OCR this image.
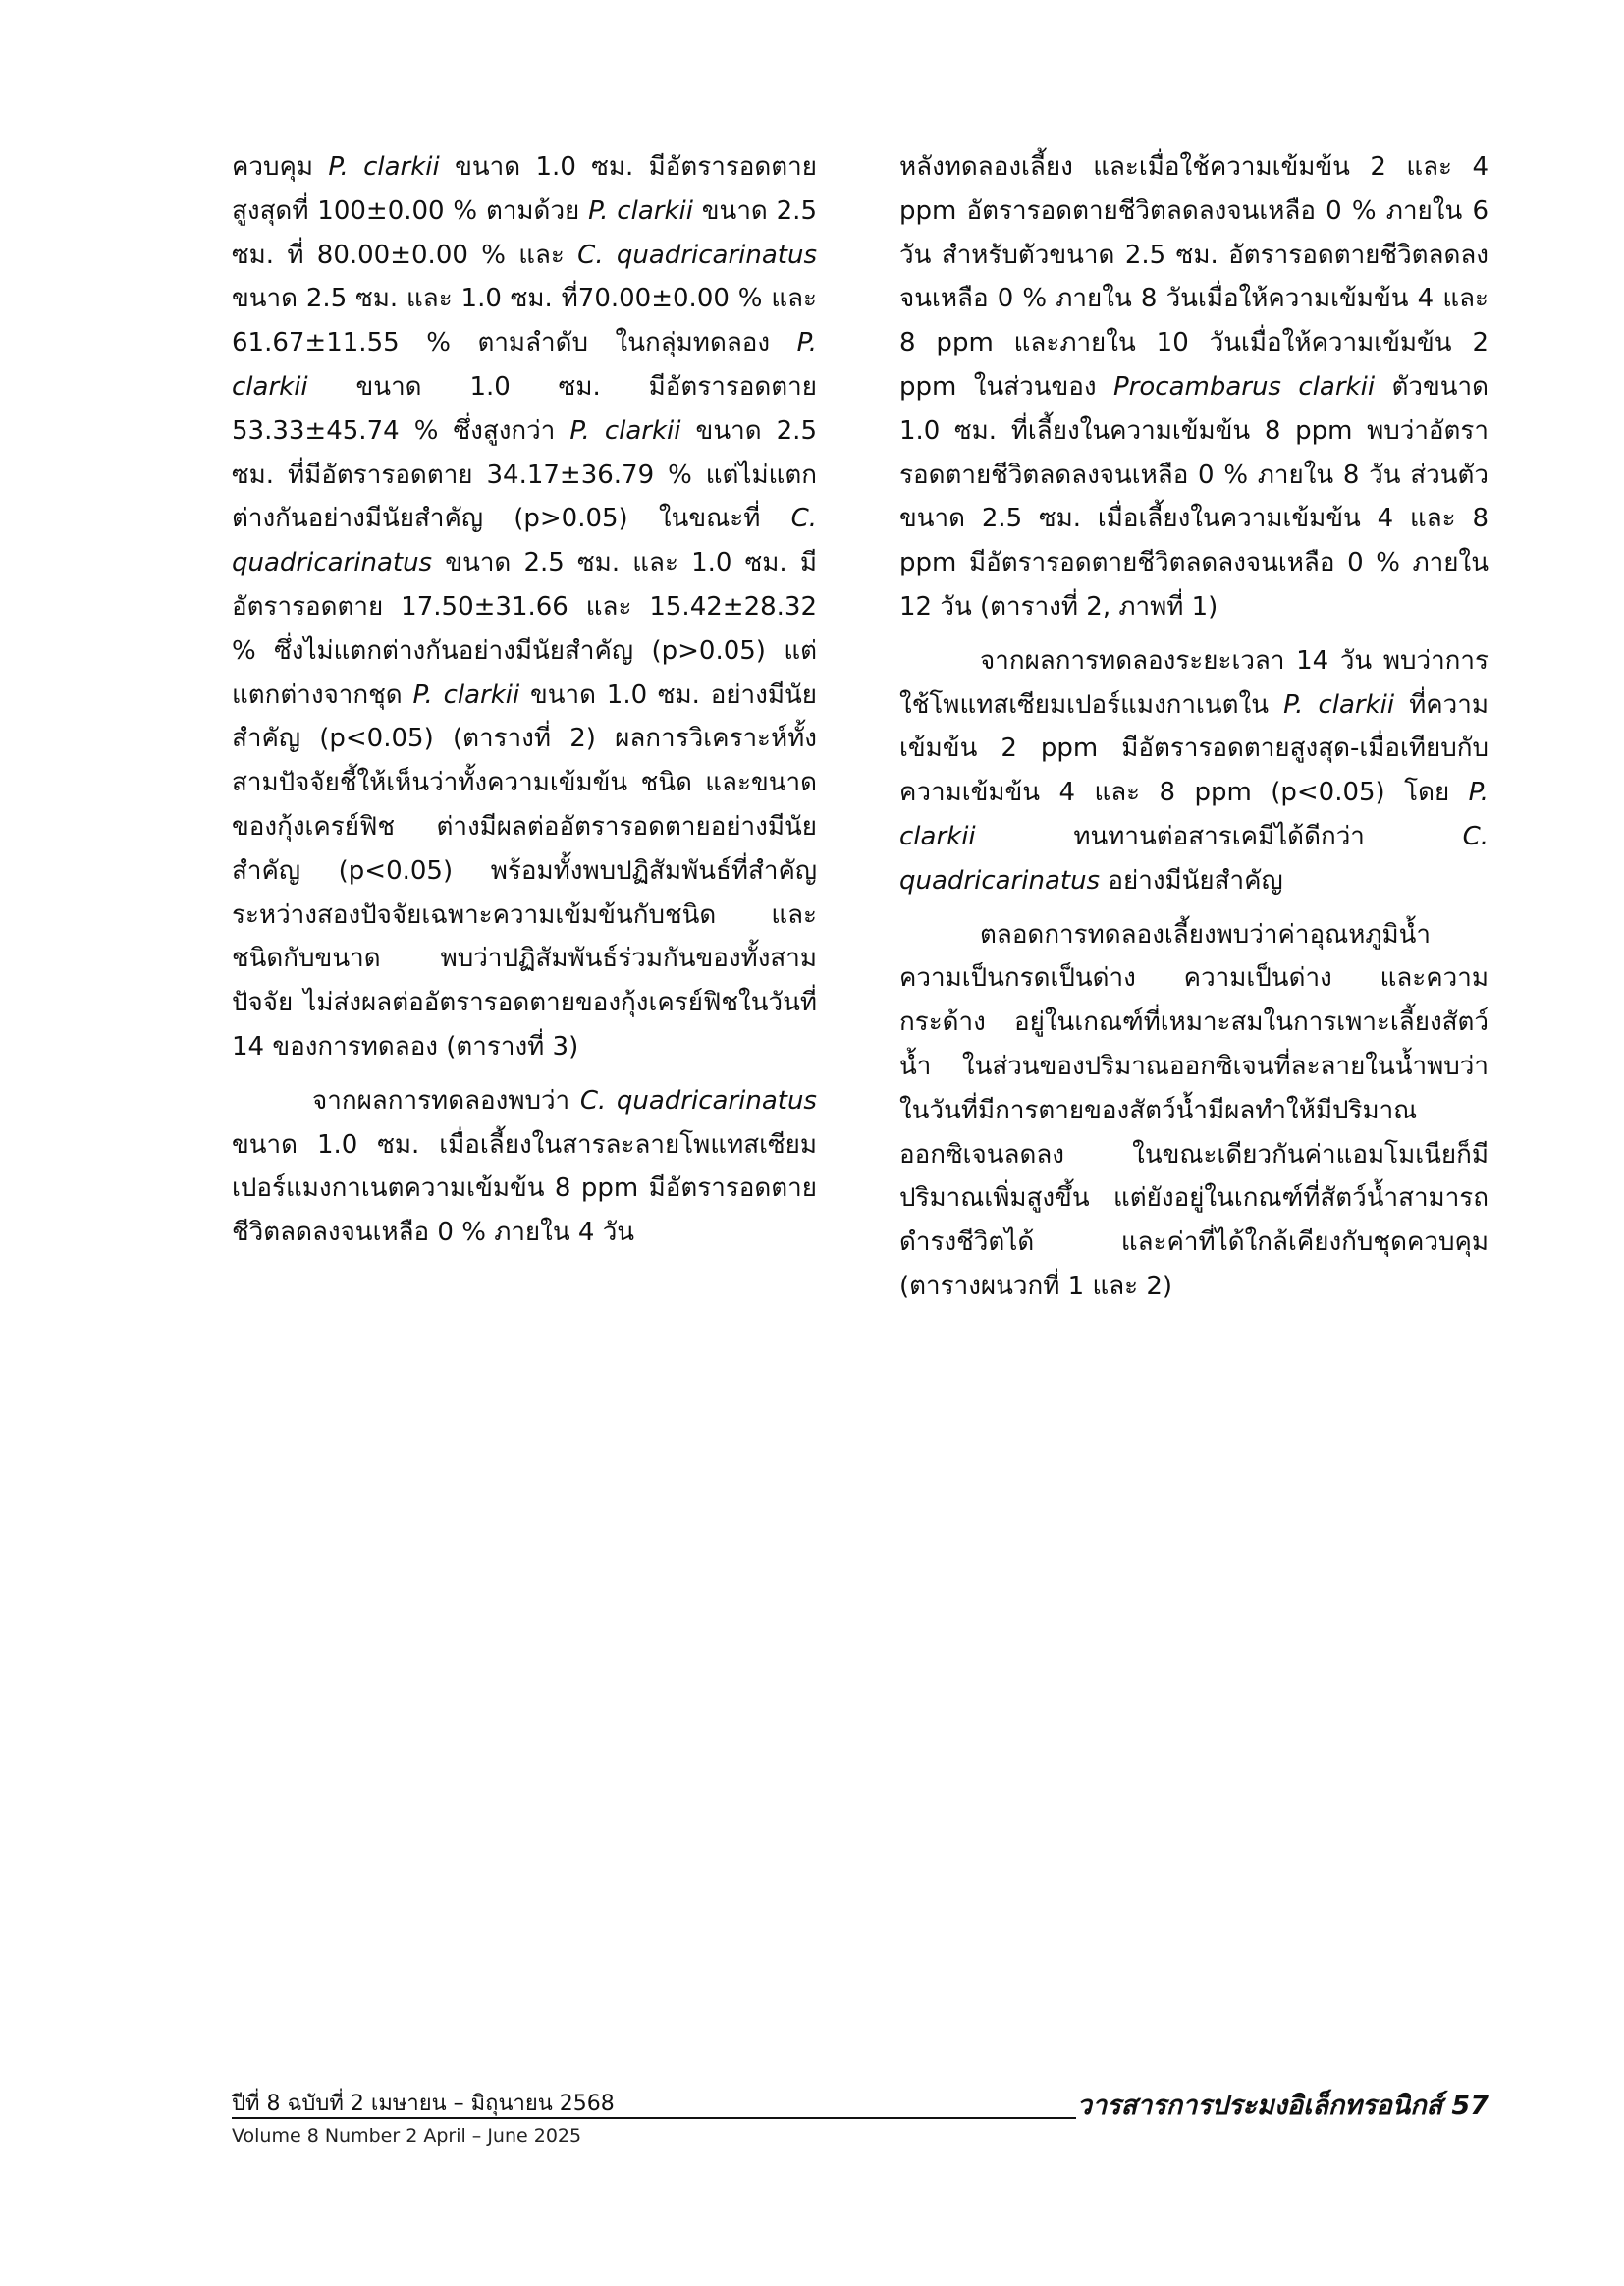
ควบคุม P. clarkii ขนาด 1.0 ซม. มีอัตรารอดตายสูงสุดที่ 100±0.00 % ตามด้วย P. clarkii ขนาด 2.5 ซม. ที่ 80.00±0.00 % และ C. quadricarinatus ขนาด 2.5 ซม. และ 1.0 ซม. ที่70.00±0.00 % และ 61.67±11.55 % ตามลำดับ ในกลุ่มทดลอง P. clarkii ขนาด 1.0 ซม. มีอัตรารอดตาย 53.33±45.74 % ซึ่งสูงกว่า P. clarkii ขนาด 2.5 ซม. ที่มีอัตรารอดตาย 34.17±36.79 % แต่ไม่แตกต่างกันอย่างมีนัยสำคัญ (p>0.05) ในขณะที่ C. quadricarinatus ขนาด 2.5 ซม. และ 1.0 ซม. มีอัตรารอดตาย 17.50±31.66 และ 15.42±28.32 % ซึ่งไม่แตกต่างกันอย่างมีนัยสำคัญ (p>0.05) แต่แตกต่างจากชุด P. clarkii ขนาด 1.0 ซม. อย่างมีนัยสำคัญ (p<0.05) (ตารางที่ 2) ผลการวิเคราะห์ทั้งสามปัจจัยชี้ให้เห็นว่าทั้งความเข้มข้น ชนิด และขนาดของกุ้งเครย์ฟิช ต่างมีผลต่ออัตรารอดตายอย่างมีนัยสำคัญ (p<0.05) พร้อมทั้งพบปฏิสัมพันธ์ที่สำคัญระหว่างสองปัจจัยเฉพาะความเข้มข้นกับชนิด และชนิดกับขนาด พบว่าปฏิสัมพันธ์ร่วมกันของทั้งสามปัจจัย ไม่ส่งผลต่ออัตรารอดตายของกุ้งเครย์ฟิชในวันที่ 14 ของการทดลอง (ตารางที่ 3)

จากผลการทดลองพบว่า C. quadricarinatus ขนาด 1.0 ซม. เมื่อเลี้ยงในสารละลายโพแทสเซียมเปอร์แมงกาเนตความเข้มข้น 8 ppm มีอัตรารอดตายชีวิตลดลงจนเหลือ 0 % ภายใน 4 วัน

หลังทดลองเลี้ยง และเมื่อใช้ความเข้มข้น 2 และ 4 ppm อัตรารอดตายชีวิตลดลงจนเหลือ 0 % ภายใน 6 วัน สำหรับตัวขนาด 2.5 ซม. อัตรารอดตายชีวิตลดลงจนเหลือ 0 % ภายใน 8 วันเมื่อให้ความเข้มข้น 4 และ 8 ppm และภายใน 10 วันเมื่อให้ความเข้มข้น 2 ppm ในส่วนของ Procambarus clarkii ตัวขนาด 1.0 ซม. ที่เลี้ยงในความเข้มข้น 8 ppm พบว่าอัตรารอดตายชีวิตลดลงจนเหลือ 0 % ภายใน 8 วัน ส่วนตัวขนาด 2.5 ซม. เมื่อเลี้ยงในความเข้มข้น 4 และ 8 ppm มีอัตรารอดตายชีวิตลดลงจนเหลือ 0 % ภายใน 12 วัน (ตารางที่ 2, ภาพที่ 1)

จากผลการทดลองระยะเวลา 14 วัน พบว่าการใช้โพแทสเซียมเปอร์แมงกาเนตใน P. clarkii ที่ความเข้มข้น 2 ppm มีอัตรารอดตายสูงสุด-เมื่อเทียบกับความเข้มข้น 4 และ 8 ppm (p<0.05) โดย P. clarkii ทนทานต่อสารเคมีได้ดีกว่า C. quadricarinatus อย่างมีนัยสำคัญ

ตลอดการทดลองเลี้ยงพบว่าค่าอุณหภูมิน้ำ ความเป็นกรดเป็นด่าง ความเป็นด่าง และความกระด้าง อยู่ในเกณฑ์ที่เหมาะสมในการเพาะเลี้ยงสัตว์น้ำ ในส่วนของปริมาณออกซิเจนที่ละลายในน้ำพบว่าในวันที่มีการตายของสัตว์น้ำมีผลทำให้มีปริมาณออกซิเจนลดลง ในขณะเดียวกันค่าแอมโมเนียก็มีปริมาณเพิ่มสูงขึ้น แต่ยังอยู่ในเกณฑ์ที่สัตว์น้ำสามารถดำรงชีวิตได้ และค่าที่ได้ใกล้เคียงกับชุดควบคุม (ตารางผนวกที่ 1 และ 2)

ปีที่ 8 ฉบับที่ 2 เมษายน – มิถุนายน 2568
Volume 8 Number 2 April – June 2025
วารสารการประมงอิเล็กทรอนิกส์ 57
